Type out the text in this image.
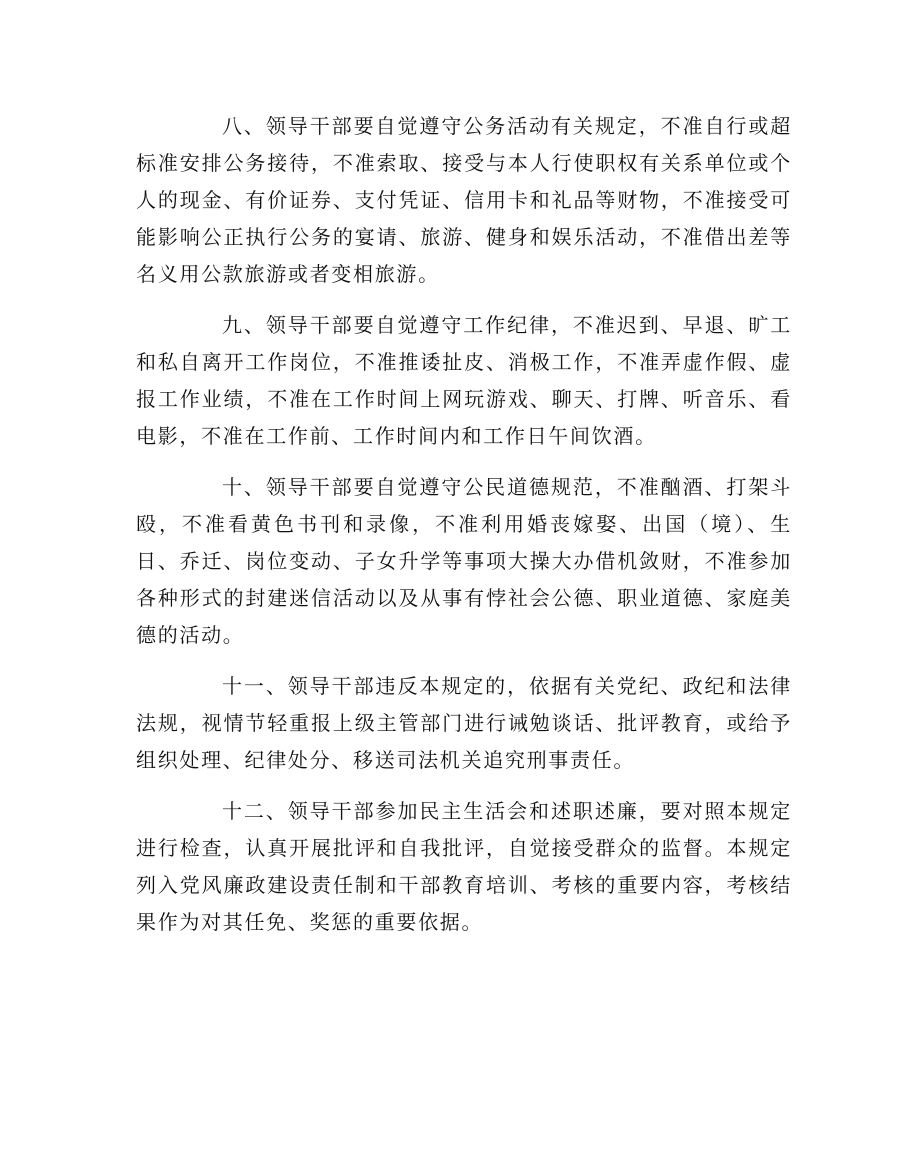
八、领导干部要自觉遵守公务活动有关规定，不准自行或超标准安排公务接待，不准索取、接受与本人行使职权有关系单位或个人的现金、有价证券、支付凭证、信用卡和礼品等财物，不准接受可能影响公正执行公务的宴请、旅游、健身和娱乐活动，不准借出差等名义用公款旅游或者变相旅游。

九、领导干部要自觉遵守工作纪律，不准迟到、早退、旷工和私自离开工作岗位，不准推诿扯皮、消极工作，不准弄虚作假、虚报工作业绩，不准在工作时间上网玩游戏、聊天、打牌、听音乐、看电影，不准在工作前、工作时间内和工作日午间饮酒。

十、领导干部要自觉遵守公民道德规范，不准酗酒、打架斗殴，不准看黄色书刊和录像，不准利用婚丧嫁娶、出国（境）、生日、乔迁、岗位变动、子女升学等事项大操大办借机敛财，不准参加各种形式的封建迷信活动以及从事有悖社会公德、职业道德、家庭美德的活动。

十一、领导干部违反本规定的，依据有关党纪、政纪和法律法规，视情节轻重报上级主管部门进行诫勉谈话、批评教育，或给予组织处理、纪律处分、移送司法机关追究刑事责任。

十二、领导干部参加民主生活会和述职述廉，要对照本规定进行检查，认真开展批评和自我批评，自觉接受群众的监督。本规定列入党风廉政建设责任制和干部教育培训、考核的重要内容，考核结果作为对其任免、奖惩的重要依据。
